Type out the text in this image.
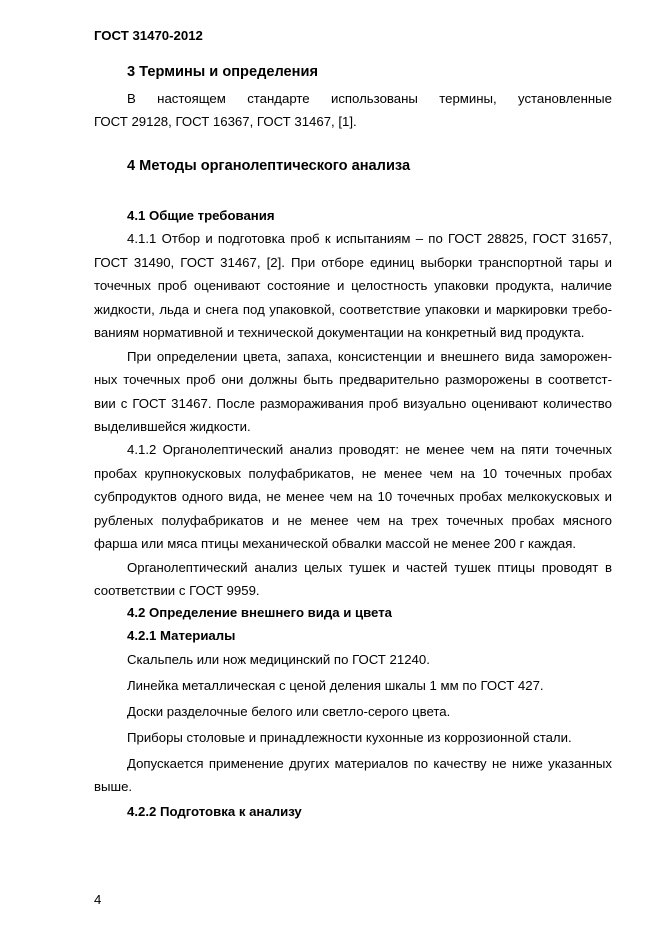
ГОСТ 31470-2012
3 Термины и определения
В настоящем стандарте использованы термины, установленные
ГОСТ 29128, ГОСТ 16367, ГОСТ 31467, [1].
4 Методы органолептического анализа
4.1 Общие требования
4.1.1 Отбор и подготовка проб к испытаниям – по ГОСТ 28825, ГОСТ 31657,
ГОСТ 31490, ГОСТ 31467, [2]. При отборе единиц выборки транспортной тары и
точечных проб оценивают состояние и целостность упаковки продукта, наличие
жидкости, льда и снега под упаковкой, соответствие упаковки и маркировки требо-
ваниям нормативной и технической документации на конкретный вид продукта.
При определении цвета, запаха, консистенции и внешнего вида заморожен-
ных точечных проб они должны быть предварительно разморожены в соответст-
вии с ГОСТ 31467. После размораживания проб визуально оценивают количество
выделившейся жидкости.
4.1.2 Органолептический анализ проводят: не менее чем на пяти точечных
пробах крупнокусковых полуфабрикатов, не менее чем на 10 точечных пробах
субпродуктов одного вида, не менее чем на 10 точечных пробах мелкокусковых и
рубленых полуфабрикатов и не менее чем на трех точечных пробах мясного
фарша или мяса птицы механической обвалки массой не менее 200 г каждая.
Органолептический анализ целых тушек и частей тушек птицы проводят в
соответствии с ГОСТ 9959.
4.2 Определение внешнего вида и цвета
4.2.1 Материалы
Скальпель или нож медицинский по ГОСТ 21240.
Линейка металлическая с ценой деления шкалы 1 мм по ГОСТ 427.
Доски разделочные белого или светло-серого цвета.
Приборы столовые и принадлежности кухонные из коррозионной стали.
Допускается применение других материалов по качеству не ниже указанных
выше.
4.2.2 Подготовка к анализу
4
